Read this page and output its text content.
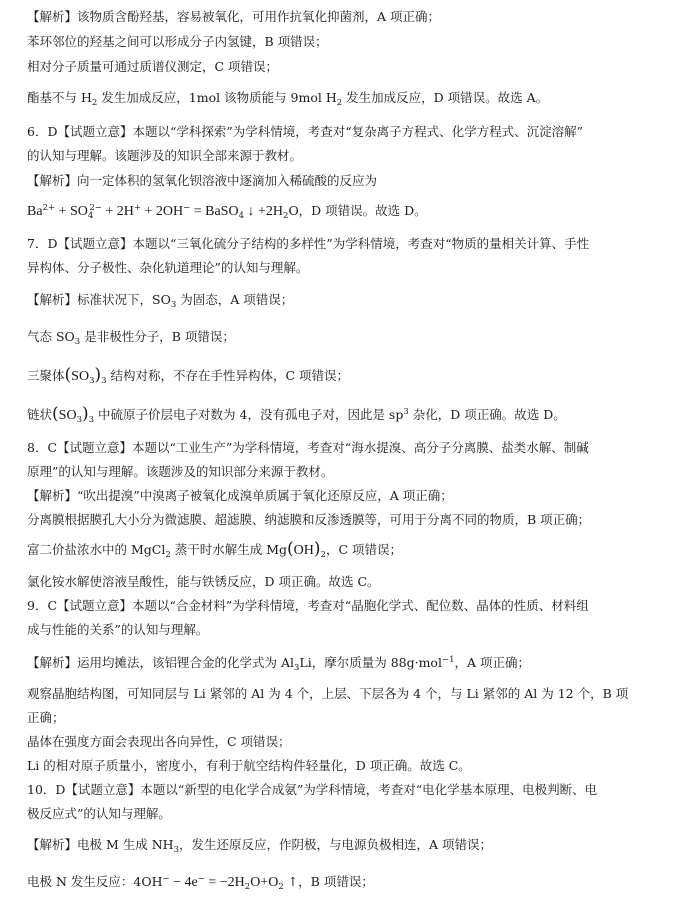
【解析】该物质含酚羟基，容易被氧化，可用作抗氧化抑菌剂，A 项正确；
苯环邻位的羟基之间可以形成分子内氢键，B 项错误；
相对分子质量可通过质谱仪测定，C 项错误；
酯基不与 $H_2$ 发生加成反应，1mol 该物质能与 9mol $H_2$ 发生加成反应，D 项错误。故选 A。
6．D【试题立意】本题以“学科探索”为学科情境，考查对“复杂离子方程式、化学方程式、沉淀溶解”
的认知与理解。该题涉及的知识全部来源于教材。
【解析】向一定体积的氢氧化钡溶液中逐滴加入稀硫酸的反应为
$Ba^{2+} + SO_4^{2-} + 2H^+ + 2OH^-$ = BaSO$_4$ ↓ $+2H_2O$，D 项错误。故选 D。
7．D【试题立意】本题以“三氧化硫分子结构的多样性”为学科情境，考查对“物质的量相关计算、手性
异构体、分子极性、杂化轨道理论”的认知与理解。
【解析】标准状况下，$SO_3$ 为固态，A 项错误；
气态 $SO_3$ 是非极性分子，B 项错误；
三聚体$(SO_3)_3$ 结构对称，不存在手性异构体，C 项错误；
链状$(SO_3)_3$ 中硫原子价层电子对数为 4，没有孤电子对，因此是 $sp^3$ 杂化，D 项正确。故选 D。
8．C【试题立意】本题以“工业生产”为学科情境，考查对“海水提溴、高分子分离膜、盐类水解、制碱
原理”的认知与理解。该题涉及的知识部分来源于教材。
【解析】“吹出提溴”中溴离子被氧化成溴单质属于氧化还原反应，A 项正确；
分离膜根据膜孔大小分为微滤膜、超滤膜、纳滤膜和反渗透膜等，可用于分离不同的物质，B 项正确；
富二价盐浓水中的 MgCl$_2$ 蒸干时水解生成 $Mg(OH)_2$，C 项错误；
氯化铵水解使溶液呈酸性，能与铁锈反应，D 项正确。故选 C。
9．C【试题立意】本题以“合金材料”为学科情境，考查对“晶胞化学式、配位数、晶体的性质、材料组
成与性能的关系”的认知与理解。
【解析】运用均摊法，该铝锂合金的化学式为 $Al_3Li$，摩尔质量为 88g·mol$^{-1}$，A 项正确；
观察晶胞结构图，可知同层与 Li 紧邻的 Al 为 4 个，上层、下层各为 4 个，与 Li 紧邻的 Al 为 12 个，B 项
正确；
晶体在强度方面会表现出各向异性，C 项错误；
Li 的相对原子质量小，密度小，有利于航空结构件轻量化，D 项正确。故选 C。
10．D【试题立意】本题以“新型的电化学合成氨”为学科情境，考查对“电化学基本原理、电极判断、电
极反应式”的认知与理解。
【解析】电极 M 生成 $NH_3$，发生还原反应，作阴极，与电源负极相连，A 项错误；
电极 N 发生反应：$4OH^- - 4e^- = -2H_2O+O_2$ ↑，B 项错误；
